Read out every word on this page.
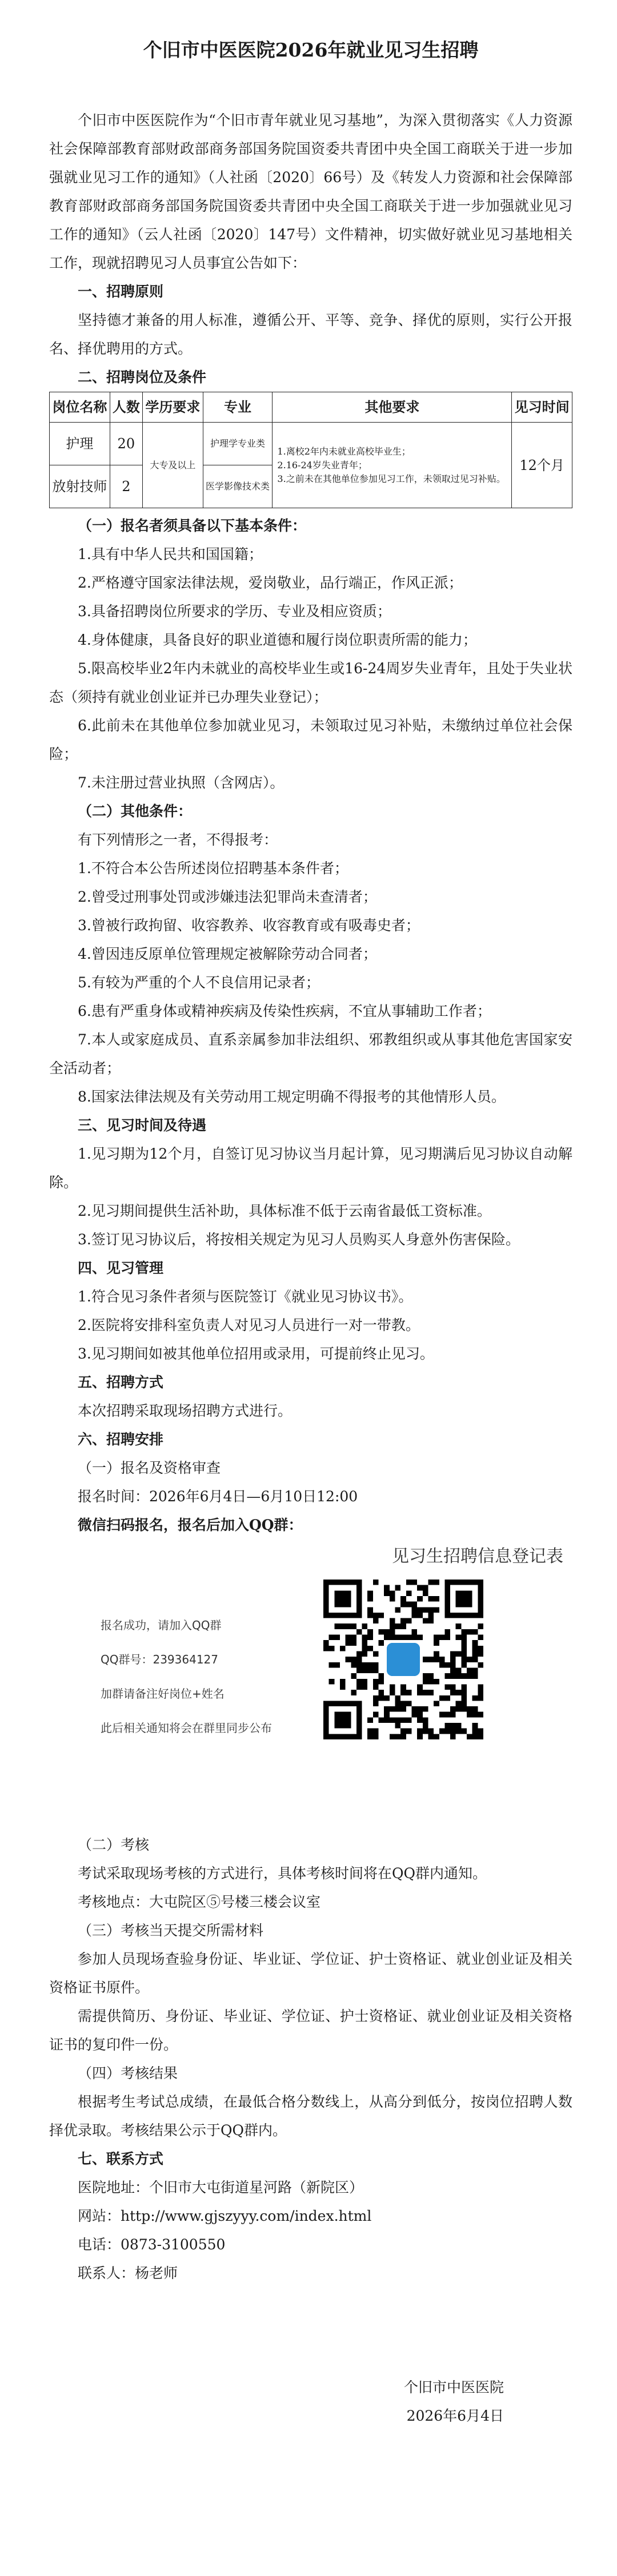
个旧市中医医院2026年就业见习生招聘

个旧市中医医院作为“个旧市青年就业见习基地”，为深入贯彻落实《人力资源社会保障部教育部财政部商务部国务院国资委共青团中央全国工商联关于进一步加强就业见习工作的通知》（人社函〔2020〕66号）及《转发人力资源和社会保障部教育部财政部商务部国务院国资委共青团中央全国工商联关于进一步加强就业见习工作的通知》（云人社函〔2020〕147号）文件精神，切实做好就业见习基地相关工作，现就招聘见习人员事宜公告如下：

一、招聘原则

坚持德才兼备的用人标准，遵循公开、平等、竞争、择优的原则，实行公开报名、择优聘用的方式。

二、招聘岗位及条件

岗位名称	人数	学历要求	专业	其他要求	见习时间
护理	20	大专及以上	护理学专业类	1.离校2年内未就业高校毕业生；
2.16-24岁失业青年；
3.之前未在其他单位参加见习工作，未领取过见习补贴。	12个月
放射技师	2		医学影像技术类		

（一）报名者须具备以下基本条件：

1.具有中华人民共和国国籍；

2.严格遵守国家法律法规，爱岗敬业，品行端正，作风正派；

3.具备招聘岗位所要求的学历、专业及相应资质；

4.身体健康，具备良好的职业道德和履行岗位职责所需的能力；

5.限高校毕业2年内未就业的高校毕业生或16-24周岁失业青年，且处于失业状态（须持有就业创业证并已办理失业登记）；

6.此前未在其他单位参加就业见习，未领取过见习补贴，未缴纳过单位社会保险；

7.未注册过营业执照（含网店）。

（二）其他条件：

有下列情形之一者，不得报考：

1.不符合本公告所述岗位招聘基本条件者；

2.曾受过刑事处罚或涉嫌违法犯罪尚未查清者；

3.曾被行政拘留、收容教养、收容教育或有吸毒史者；

4.曾因违反原单位管理规定被解除劳动合同者；

5.有较为严重的个人不良信用记录者；

6.患有严重身体或精神疾病及传染性疾病，不宜从事辅助工作者；

7.本人或家庭成员、直系亲属参加非法组织、邪教组织或从事其他危害国家安全活动者；

8.国家法律法规及有关劳动用工规定明确不得报考的其他情形人员。

三、见习时间及待遇

1.见习期为12个月，自签订见习协议当月起计算，见习期满后见习协议自动解除。

2.见习期间提供生活补助，具体标准不低于云南省最低工资标准。

3.签订见习协议后，将按相关规定为见习人员购买人身意外伤害保险。

四、见习管理

1.符合见习条件者须与医院签订《就业见习协议书》。

2.医院将安排科室负责人对见习人员进行一对一带教。

3.见习期间如被其他单位招用或录用，可提前终止见习。

五、招聘方式

本次招聘采取现场招聘方式进行。

六、招聘安排

（一）报名及资格审查

报名时间：2026年6月4日—6月10日12:00

微信扫码报名，报名后加入QQ群：

见习生招聘信息登记表
报名成功，请加入QQ群
QQ群号：239364127
加群请备注好岗位+姓名
此后相关通知将会在群里同步公布

（二）考核

考试采取现场考核的方式进行，具体考核时间将在QQ群内通知。

考核地点：大屯院区⑤号楼三楼会议室

（三）考核当天提交所需材料

参加人员现场查验身份证、毕业证、学位证、护士资格证、就业创业证及相关资格证书原件。

需提供简历、身份证、毕业证、学位证、护士资格证、就业创业证及相关资格证书的复印件一份。

（四）考核结果

根据考生考试总成绩，在最低合格分数线上，从高分到低分，按岗位招聘人数择优录取。考核结果公示于QQ群内。

七、联系方式

医院地址：个旧市大屯街道星河路（新院区）

网站：http://www.gjszyyy.com/index.html

电话：0873-3100550

联系人：杨老师

个旧市中医医院

2026年6月4日
